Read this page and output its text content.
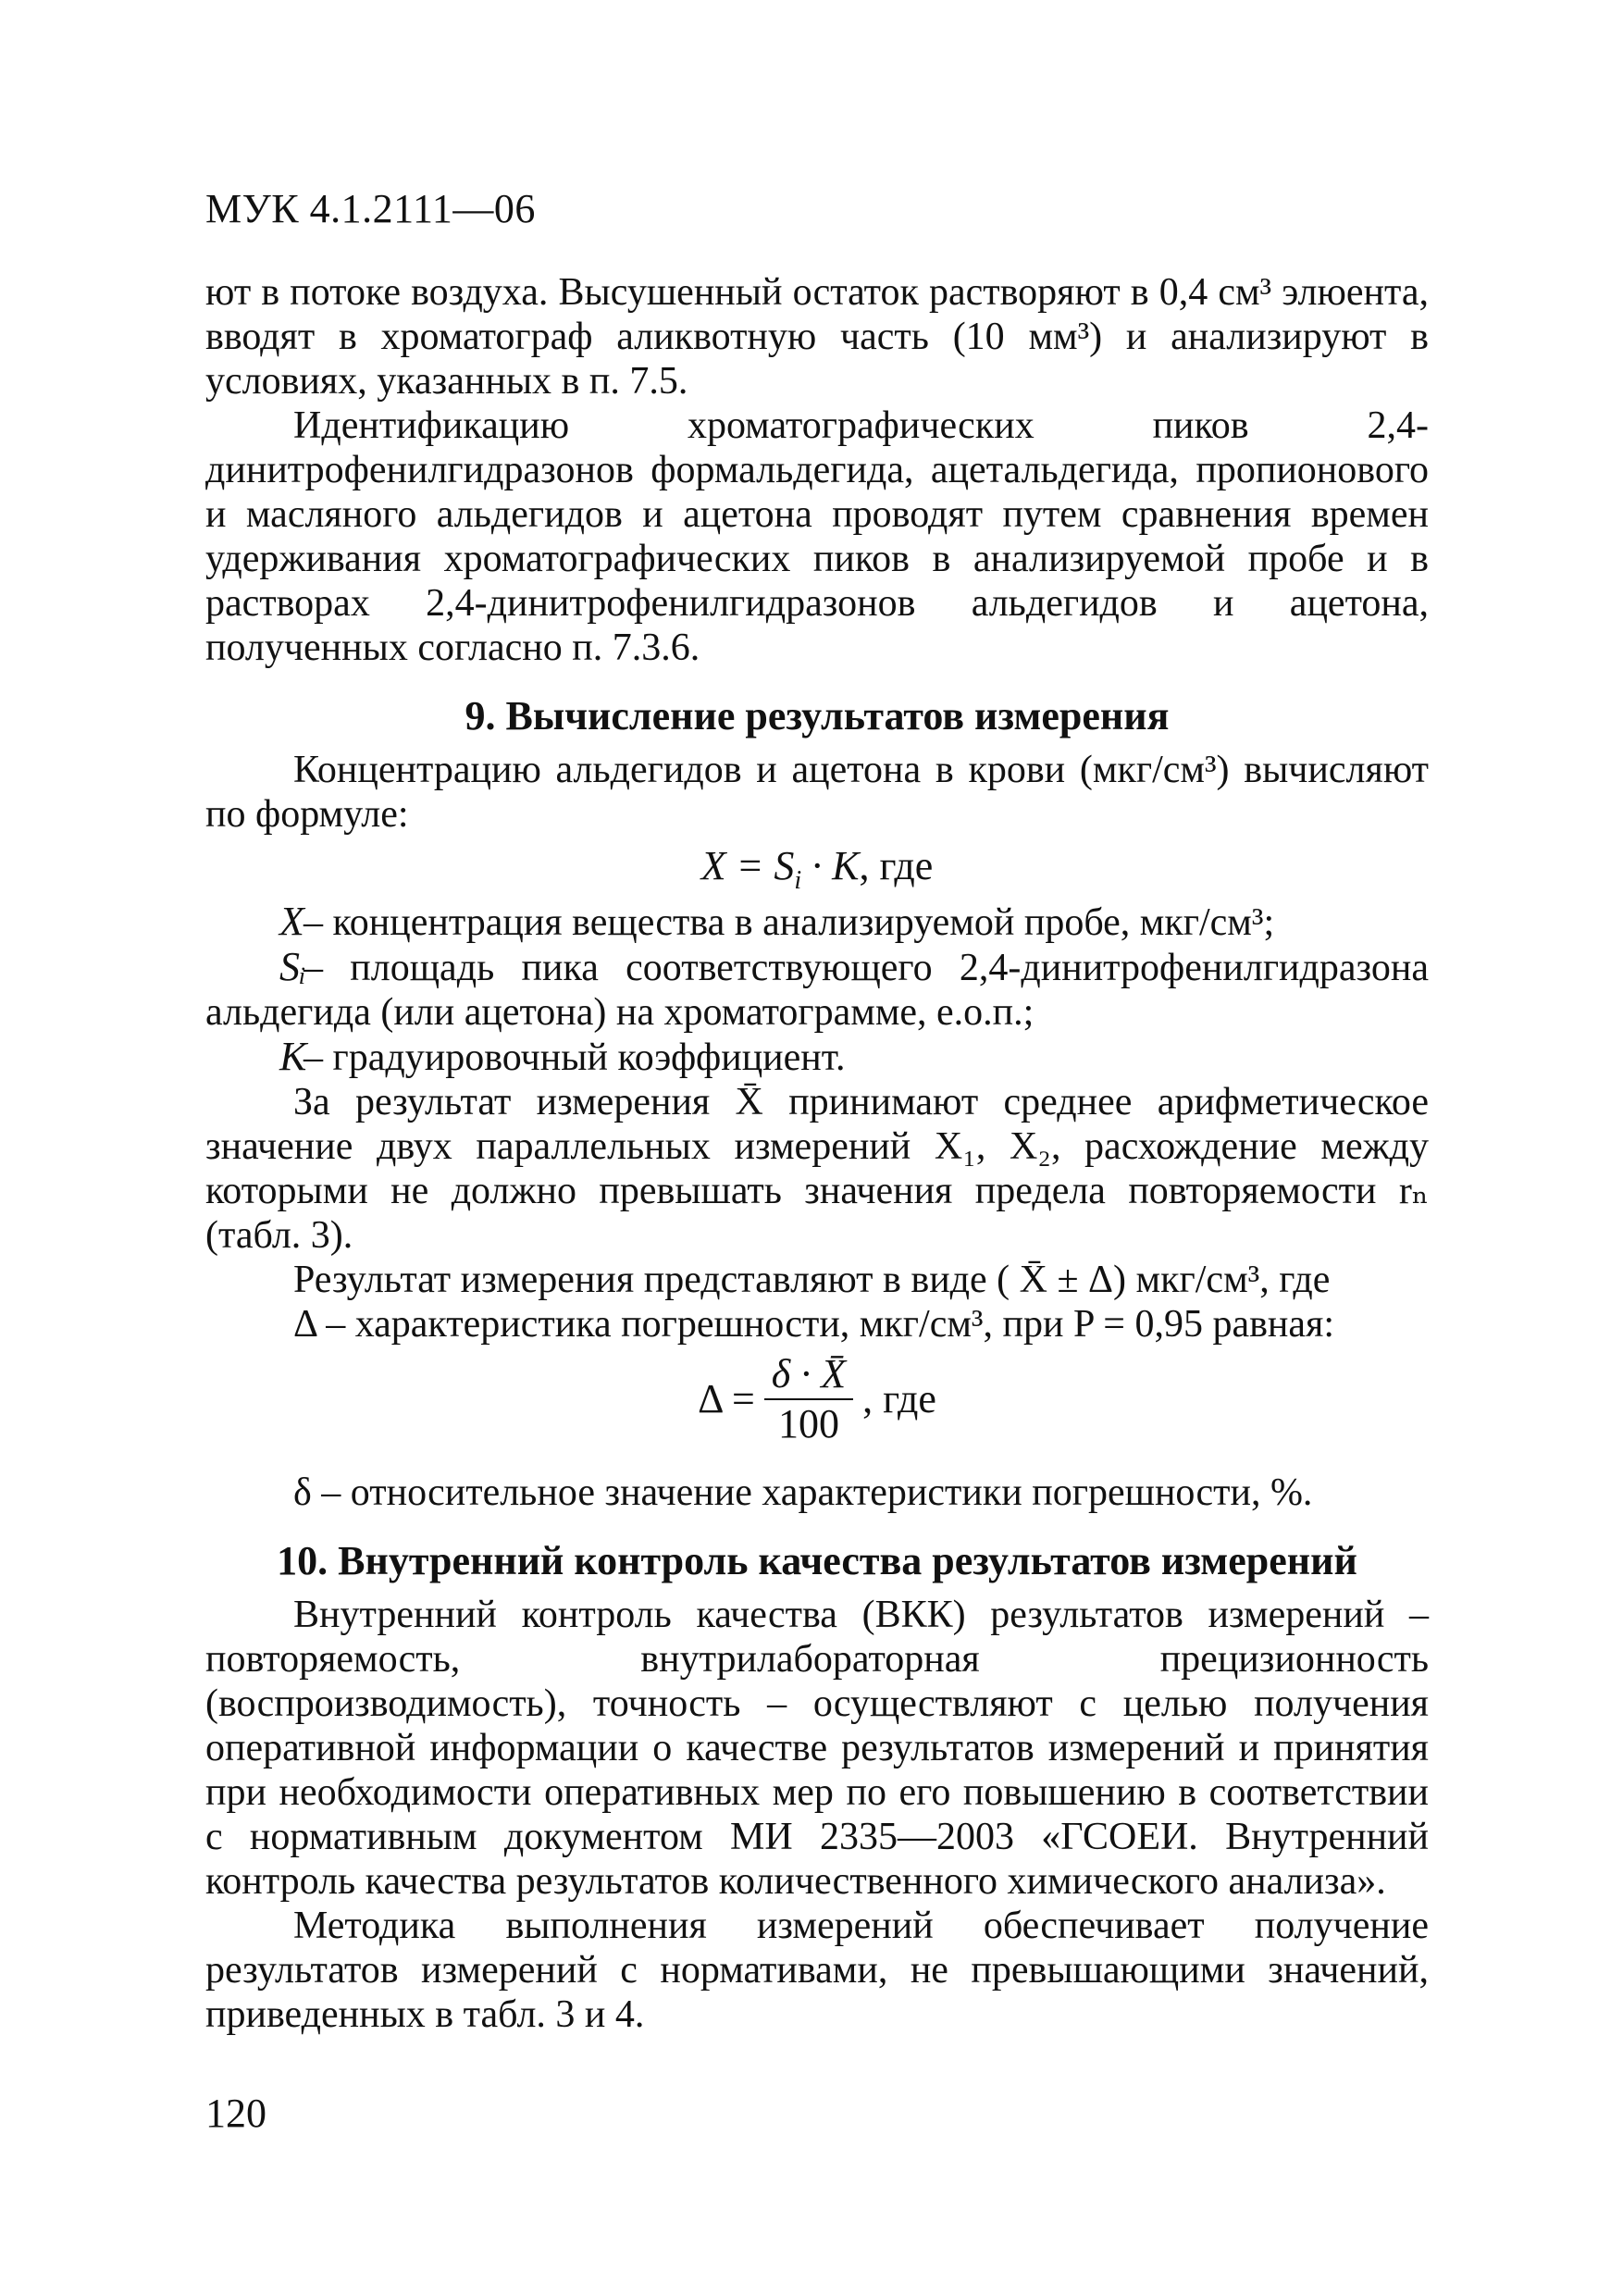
МУК 4.1.2111—06

ют в потоке воздуха. Высушенный остаток растворяют в 0,4 см³ элюента, вводят в хроматограф аликвотную часть (10 мм³) и анализируют в условиях, указанных в п. 7.5.

Идентификацию хроматографических пиков 2,4-динитрофенилгидразонов формальдегида, ацетальдегида, пропионового и масляного альдегидов и ацетона проводят путем сравнения времен удерживания хроматографических пиков в анализируемой пробе и в растворах 2,4-динитрофенилгидразонов альдегидов и ацетона, полученных согласно п. 7.3.6.

9. Вычисление результатов измерения

Концентрацию альдегидов и ацетона в крови (мкг/см³) вычисляют по формуле:

$X = S_i \cdot K$, где

X– концентрация вещества в анализируемой пробе, мкг/см³;

Sᵢ– площадь пика соответствующего 2,4-динитрофенилгидразона альдегида (или ацетона) на хроматограмме, е.о.п.;

K– градуировочный коэффициент.

За результат измерения X̄ принимают среднее арифметическое значение двух параллельных измерений X₁, X₂, расхождение между которыми не должно превышать значения предела повторяемости rₙ (табл. 3).

Результат измерения представляют в виде ( X̄ ± Δ) мкг/см³, где

Δ – характеристика погрешности, мкг/см³, при P = 0,95 равная:

$\Delta = \frac{\delta \cdot X̄}{100}$ , где

δ – относительное значение характеристики погрешности, %.

10. Внутренний контроль качества результатов измерений

Внутренний контроль качества (ВКК) результатов измерений – повторяемость, внутрилабораторная прецизионность (воспроизводимость), точность – осуществляют с целью получения оперативной информации о качестве результатов измерений и принятия при необходимости оперативных мер по его повышению в соответствии с нормативным документом МИ 2335—2003 «ГСОЕИ. Внутренний контроль качества результатов количественного химического анализа».

Методика выполнения измерений обеспечивает получение результатов измерений с нормативами, не превышающими значений, приведенных в табл. 3 и 4.

120
